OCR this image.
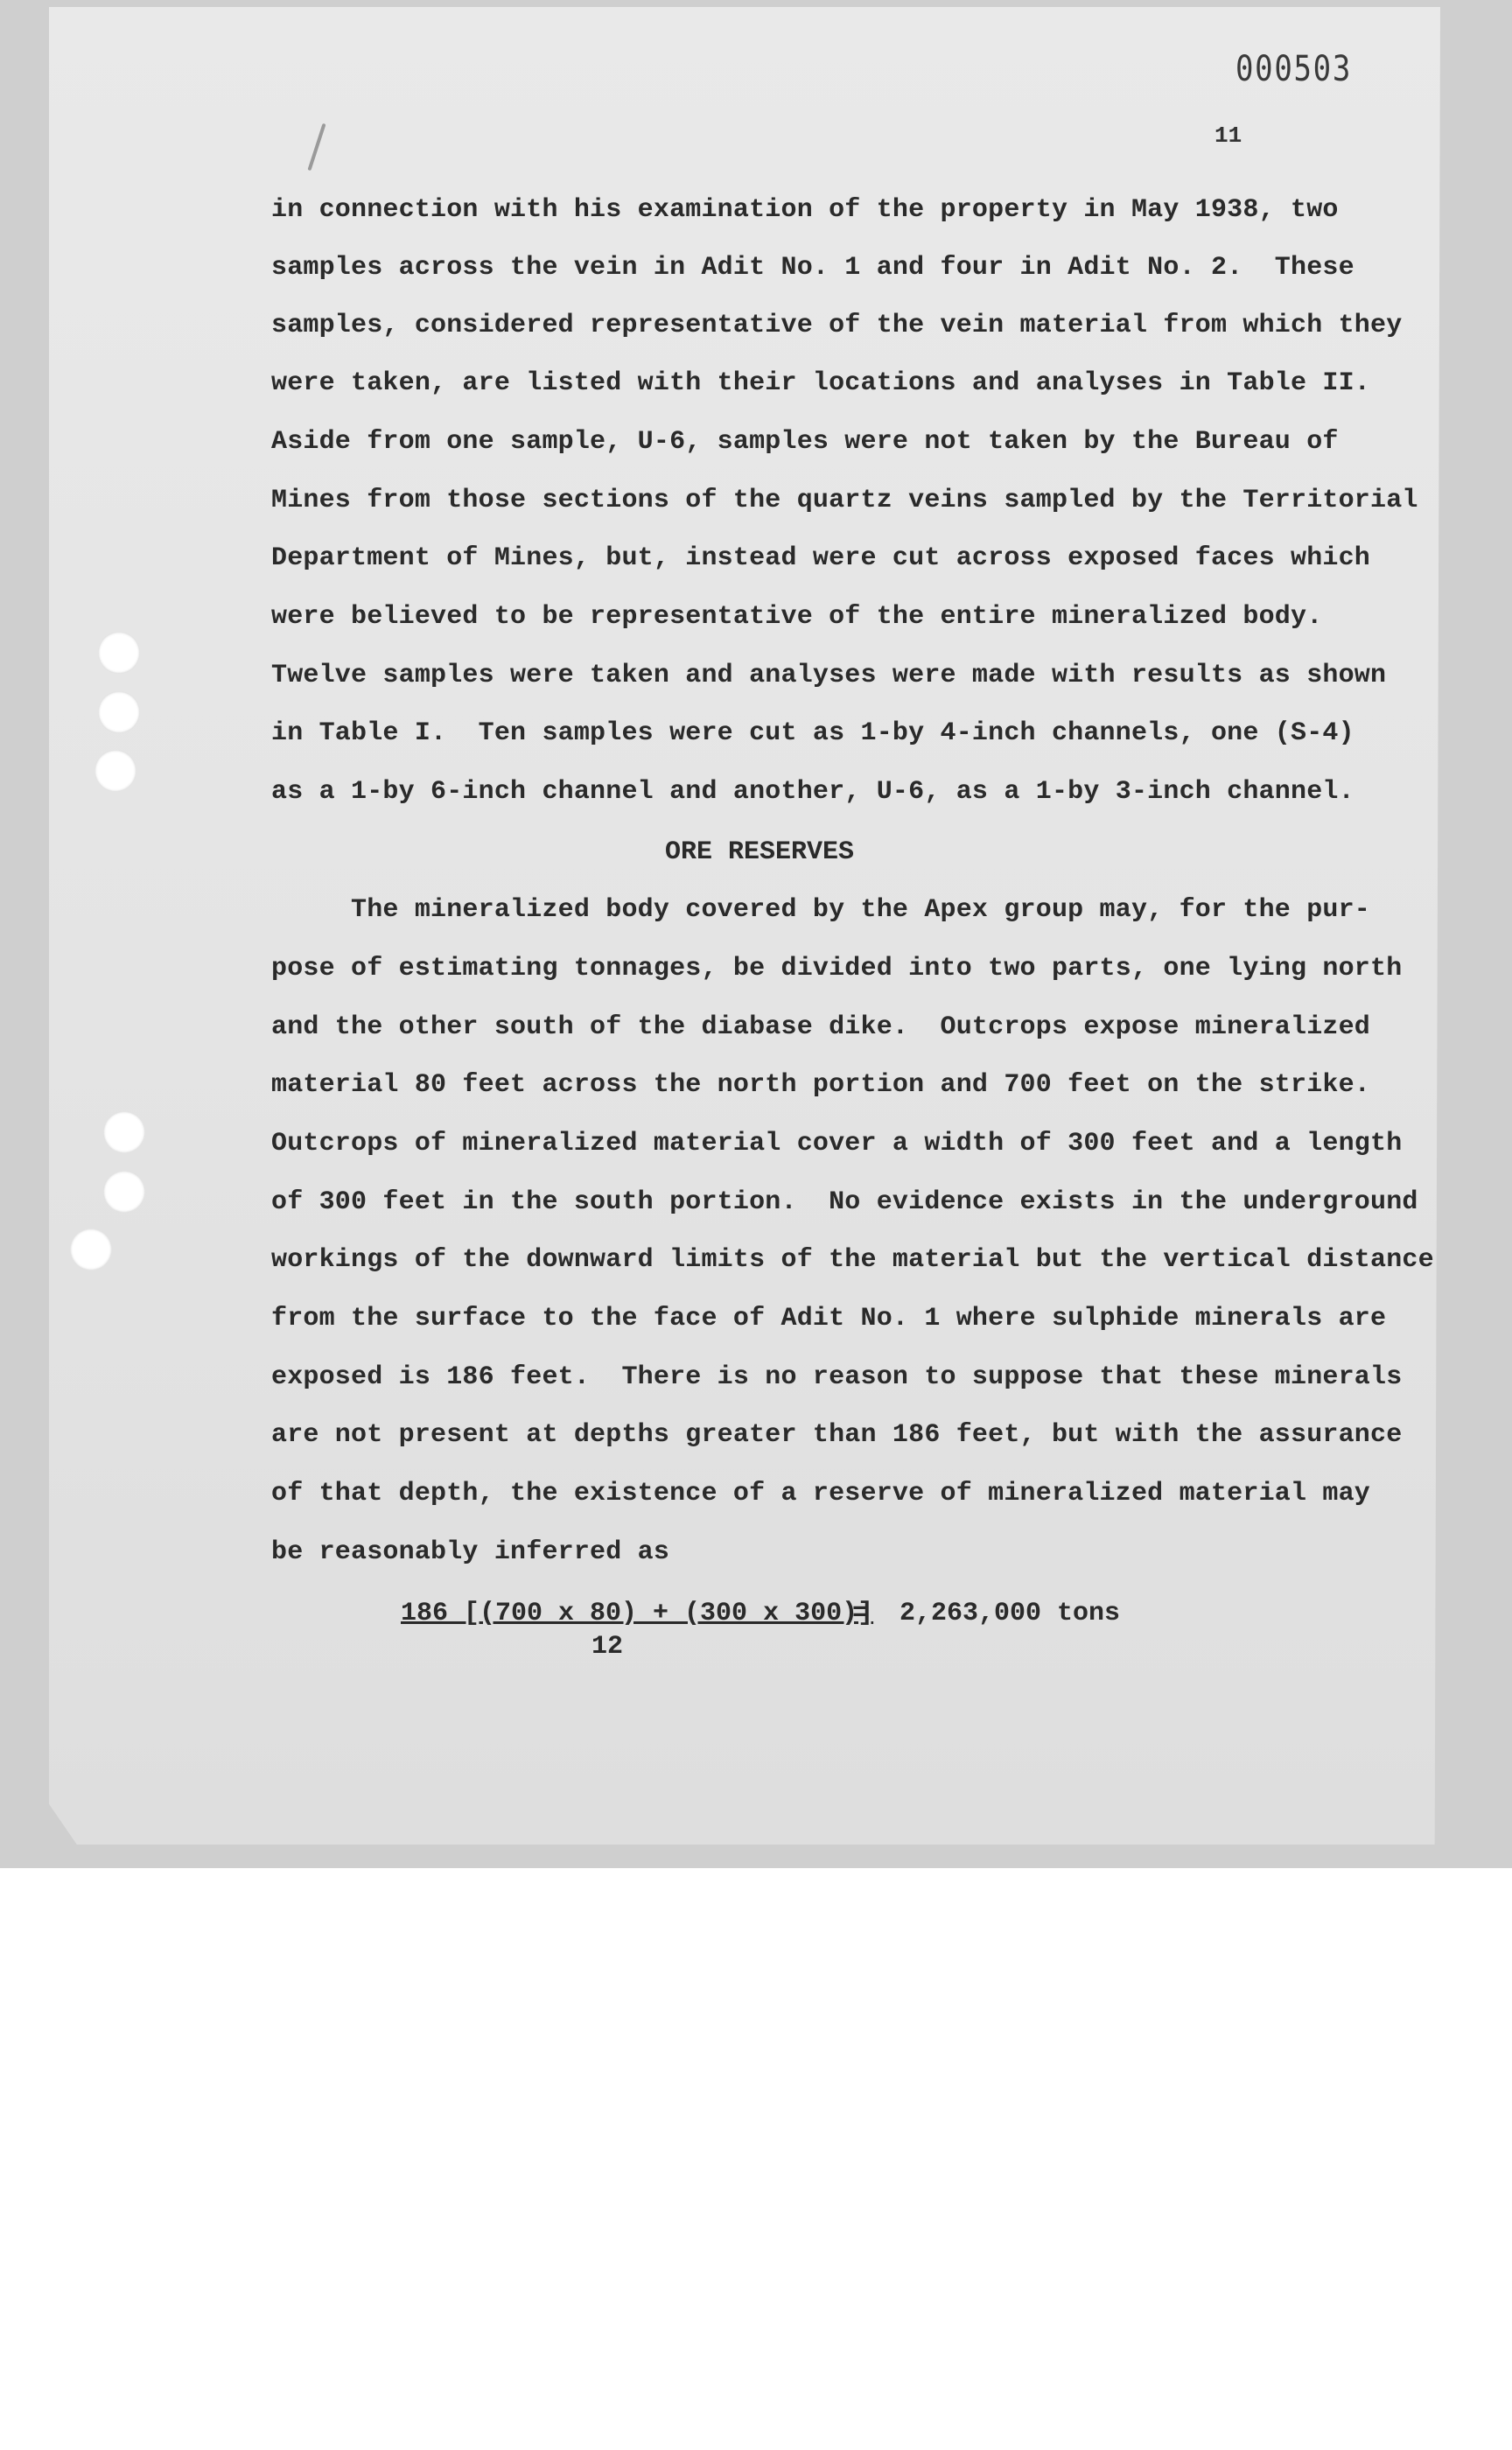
000503
11
in connection with his examination of the property in May 1938, two
samples across the vein in Adit No. 1 and four in Adit No. 2.  These
samples, considered representative of the vein material from which they
were taken, are listed with their locations and analyses in Table II.
Aside from one sample, U-6, samples were not taken by the Bureau of
Mines from those sections of the quartz veins sampled by the Territorial
Department of Mines, but, instead were cut across exposed faces which
were believed to be representative of the entire mineralized body.
Twelve samples were taken and analyses were made with results as shown
in Table I.  Ten samples were cut as 1-by 4-inch channels, one (S-4)
as a 1-by 6-inch channel and another, U-6, as a 1-by 3-inch channel.
ORE RESERVES
The mineralized body covered by the Apex group may, for the pur-
pose of estimating tonnages, be divided into two parts, one lying north
and the other south of the diabase dike.  Outcrops expose mineralized
material 80 feet across the north portion and 700 feet on the strike.
Outcrops of mineralized material cover a width of 300 feet and a length
of 300 feet in the south portion.  No evidence exists in the underground
workings of the downward limits of the material but the vertical distance
from the surface to the face of Adit No. 1 where sulphide minerals are
exposed is 186 feet.  There is no reason to suppose that these minerals
are not present at depths greater than 186 feet, but with the assurance
of that depth, the existence of a reserve of mineralized material may
be reasonably inferred as
186 [(700 x 80) + (300 x 300)]
=  2,263,000 tons
12
